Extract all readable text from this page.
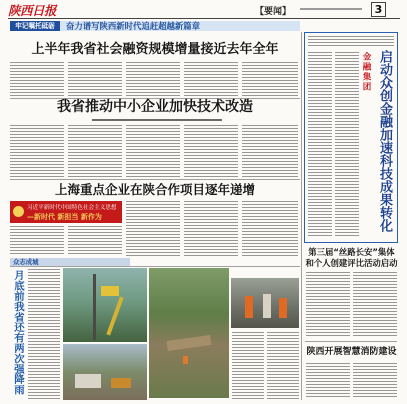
陕西日报	【要闻】	3
牢记嘱托砥砺	奋力谱写陕西新时代追赶超越新篇章
上半年我省社会融资规模增量接近去年全年
我省推动中小企业加快技术改造
上海重点企业在陕合作项目逐年递增
习近平新时代中国特色社会主义思想
—新时代 新担当 新作为
众志成城
月底前我省还有两次强降雨
金融集团 启动众创金融加速科技成果转化
第三届“丝路长安”集体和个人创建评比活动启动
陕西开展智慧消防建设
